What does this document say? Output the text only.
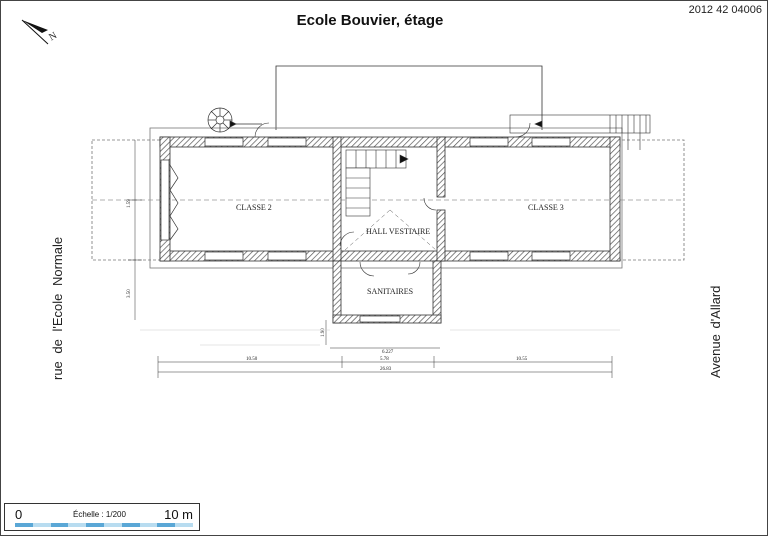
Ecole Bouvier, étage
2012 42 04006
N
CLASSE 2	CLASSE 3
HALL VESTIAIRE
SANITAIRES
10.50	5.78	10.55
26.83
1.59
3.50
1.90
6.227
rue de l'Ecole Normale	Avenue d'Allard
0	Échelle : 1/200	10 m
